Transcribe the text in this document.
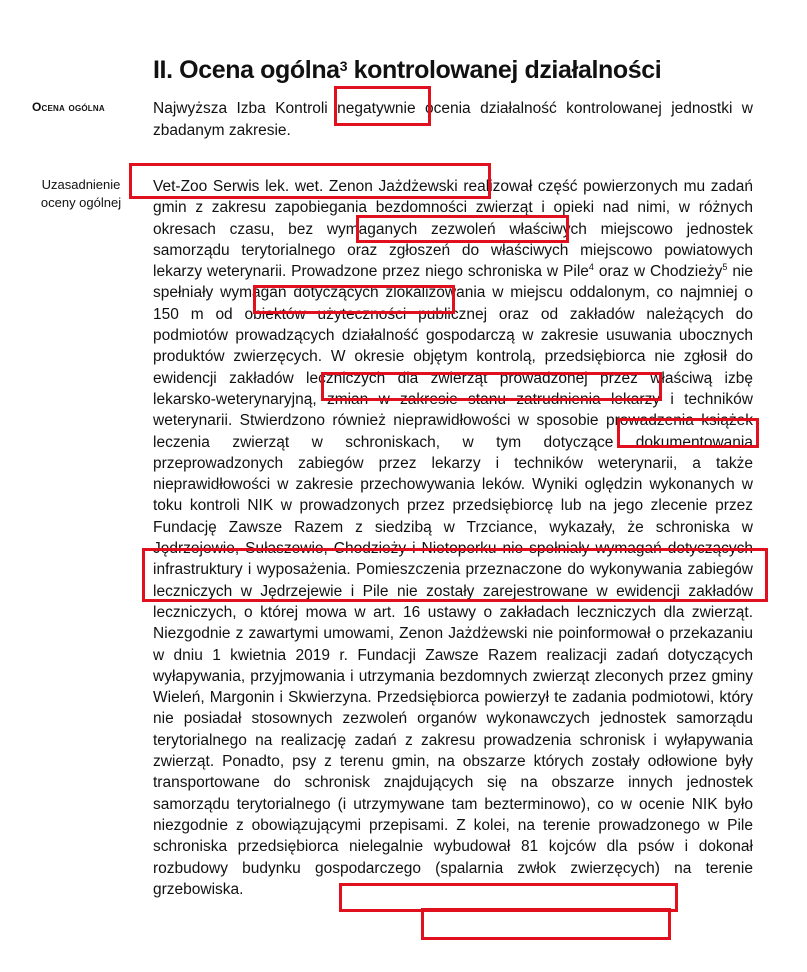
II. Ocena ogólna$^3$ kontrolowanej działalności
Ocena ogólna
Uzasadnienie oceny ogólnej
Najwyższa Izba Kontroli negatywnie ocenia działalność kontrolowanej jednostki w zbadanym zakresie.
Vet-Zoo Serwis lek. wet. Zenon Jażdżewski realizował część powierzonych mu zadań gmin z zakresu zapobiegania bezdomności zwierząt i opieki nad nimi, w różnych okresach czasu, bez wymaganych zezwoleń właściwych miejscowo jednostek samorządu terytorialnego oraz zgłoszeń do właściwych miejscowo powiatowych lekarzy weterynarii. Prowadzone przez niego schroniska w Pile$^4$ oraz w Chodzieży$^5$ nie spełniały wymagań dotyczących zlokalizowania w miejscu oddalonym, co najmniej o 150 m od obiektów użyteczności publicznej oraz od zakładów należących do podmiotów prowadzących działalność gospodarczą w zakresie usuwania ubocznych produktów zwierzęcych. W okresie objętym kontrolą, przedsiębiorca nie zgłosił do ewidencji zakładów leczniczych dla zwierząt prowadzonej przez właściwą izbę lekarsko-weterynaryjną, zmian w zakresie stanu zatrudnienia lekarzy i techników weterynarii. Stwierdzono również nieprawidłowości w sposobie prowadzenia książek leczenia zwierząt w schroniskach, w tym dotyczące dokumentowania przeprowadzonych zabiegów przez lekarzy i techników weterynarii, a także nieprawidłowości w zakresie przechowywania leków. Wyniki oględzin wykonanych w toku kontroli NIK w prowadzonych przez przedsiębiorcę lub na jego zlecenie przez Fundację Zawsze Razem z siedzibą w Trzciance, wykazały, że schroniska w Jędrzejewie, Sułaszewie, Chodzieży i Nietoperku nie spełniały wymagań dotyczących infrastruktury i wyposażenia. Pomieszczenia przeznaczone do wykonywania zabiegów leczniczych w Jędrzejewie i Pile nie zostały zarejestrowane w ewidencji zakładów leczniczych, o której mowa w art. 16 ustawy o zakładach leczniczych dla zwierząt. Niezgodnie z zawartymi umowami, Zenon Jażdżewski nie poinformował o przekazaniu w dniu 1 kwietnia 2019 r. Fundacji Zawsze Razem realizacji zadań dotyczących wyłapywania, przyjmowania i utrzymania bezdomnych zwierząt zleconych przez gminy Wieleń, Margonin i Skwierzyna. Przedsiębiorca powierzył te zadania podmiotowi, który nie posiadał stosownych zezwoleń organów wykonawczych jednostek samorządu terytorialnego na realizację zadań z zakresu prowadzenia schronisk i wyłapywania zwierząt. Ponadto, psy z terenu gmin, na obszarze których zostały odłowione były transportowane do schronisk znajdujących się na obszarze innych jednostek samorządu terytorialnego (i utrzymywane tam bezterminowo), co w ocenie NIK było niezgodnie z obowiązującymi przepisami. Z kolei, na terenie prowadzonego w Pile schroniska przedsiębiorca nielegalnie wybudował 81 kojców dla psów i dokonał rozbudowy budynku gospodarczego (spalarnia zwłok zwierzęcych) na terenie grzebowiska.
